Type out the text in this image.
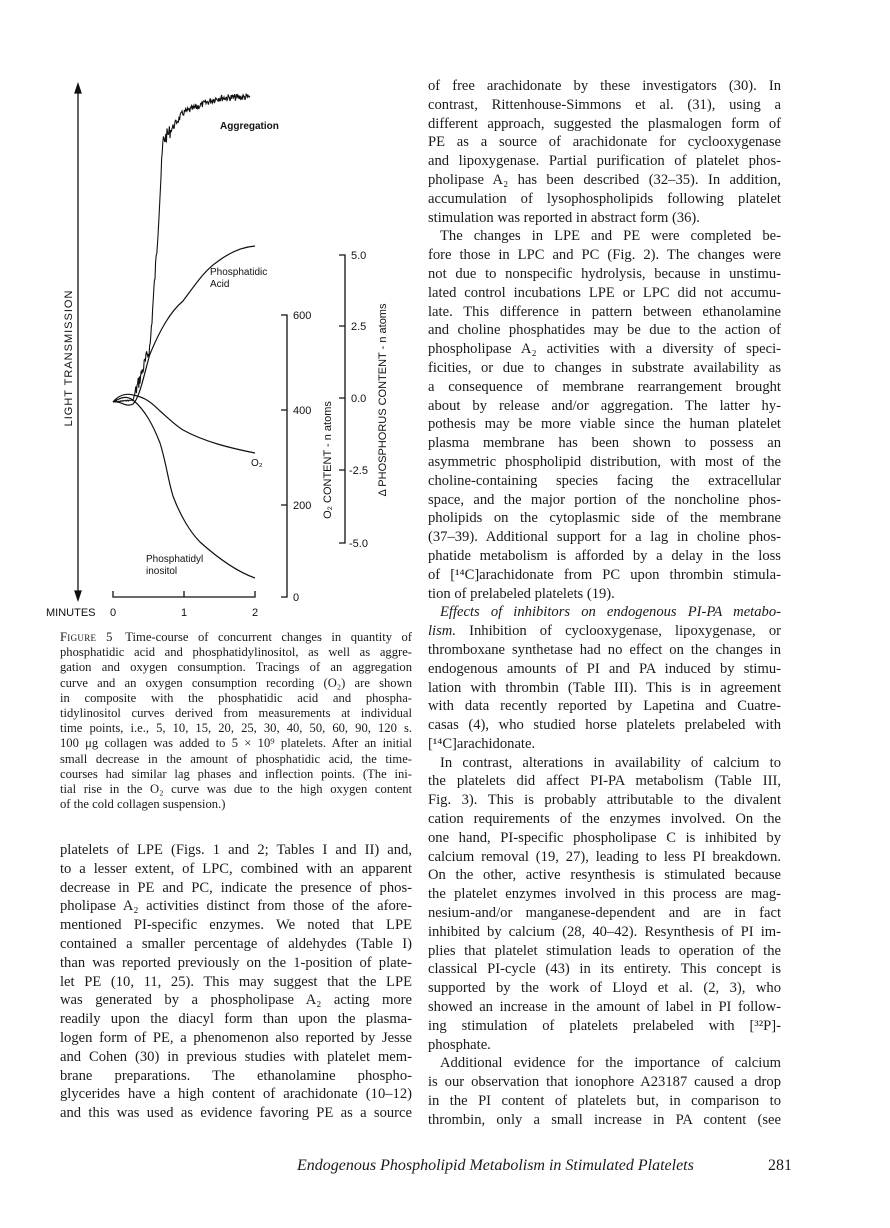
LIGHT TRANSMISSION
MINUTES 0	1	2
600
400
200
0
O₂ CONTENT - n atoms
5.0
2.5
0.0
-2.5
-5.0
Δ PHOSPHORUS CONTENT - n atoms
Aggregation
Phosphatidic
Acid
O₂
Phosphatidyl
inositol
Figure 5  Time-course of concurrent changes in quantity of
phosphatidic acid and phosphatidylinositol, as well as aggre-
gation and oxygen consumption. Tracings of an aggregation
curve and an oxygen consumption recording (O₂) are shown
in composite with the phosphatidic acid and phospha-
tidylinositol curves derived from measurements at individual
time points, i.e., 5, 10, 15, 20, 25, 30, 40, 50, 60, 90, 120 s.
100 μg collagen was added to 5 × 10⁹ platelets. After an initial
small decrease in the amount of phosphatidic acid, the time-
courses had similar lag phases and inflection points. (The ini-
tial rise in the O₂ curve was due to the high oxygen content
of the cold collagen suspension.)
platelets of LPE (Figs. 1 and 2; Tables I and II) and,
to a lesser extent, of LPC, combined with an apparent
decrease in PE and PC, indicate the presence of phos-
pholipase A₂ activities distinct from those of the afore-
mentioned PI-specific enzymes. We noted that LPE
contained a smaller percentage of aldehydes (Table I)
than was reported previously on the 1-position of plate-
let PE (10, 11, 25). This may suggest that the LPE
was generated by a phospholipase A₂ acting more
readily upon the diacyl form than upon the plasma-
logen form of PE, a phenomenon also reported by Jesse
and Cohen (30) in previous studies with platelet mem-
brane preparations. The ethanolamine phospho-
glycerides have a high content of arachidonate (10–12)
and this was used as evidence favoring PE as a source
of free arachidonate by these investigators (30). In
contrast, Rittenhouse-Simmons et al. (31), using a
different approach, suggested the plasmalogen form of
PE as a source of arachidonate for cyclooxygenase
and lipoxygenase. Partial purification of platelet phos-
pholipase A₂ has been described (32–35). In addition,
accumulation of lysophospholipids following platelet
stimulation was reported in abstract form (36).
The changes in LPE and PE were completed be-
fore those in LPC and PC (Fig. 2). The changes were
not due to nonspecific hydrolysis, because in unstimu-
lated control incubations LPE or LPC did not accumu-
late. This difference in pattern between ethanolamine
and choline phosphatides may be due to the action of
phospholipase A₂ activities with a diversity of speci-
ficities, or due to changes in substrate availability as
a consequence of membrane rearrangement brought
about by release and/or aggregation. The latter hy-
pothesis may be more viable since the human platelet
plasma membrane has been shown to possess an
asymmetric phospholipid distribution, with most of the
choline-containing species facing the extracellular
space, and the major portion of the noncholine phos-
pholipids on the cytoplasmic side of the membrane
(37–39). Additional support for a lag in choline phos-
phatide metabolism is afforded by a delay in the loss
of [¹⁴C]arachidonate from PC upon thrombin stimula-
tion of prelabeled platelets (19).
Effects of inhibitors on endogenous PI-PA metabo-
lism. Inhibition of cyclooxygenase, lipoxygenase, or
thromboxane synthetase had no effect on the changes in
endogenous amounts of PI and PA induced by stimu-
lation with thrombin (Table III). This is in agreement
with data recently reported by Lapetina and Cuatre-
casas (4), who studied horse platelets prelabeled with
[¹⁴C]arachidonate.
In contrast, alterations in availability of calcium to
the platelets did affect PI-PA metabolism (Table III,
Fig. 3). This is probably attributable to the divalent
cation requirements of the enzymes involved. On the
one hand, PI-specific phospholipase C is inhibited by
calcium removal (19, 27), leading to less PI breakdown.
On the other, active resynthesis is stimulated because
the platelet enzymes involved in this process are mag-
nesium-and/or manganese-dependent and are in fact
inhibited by calcium (28, 40–42). Resynthesis of PI im-
plies that platelet stimulation leads to operation of the
classical PI-cycle (43) in its entirety. This concept is
supported by the work of Lloyd et al. (2, 3), who
showed an increase in the amount of label in PI follow-
ing stimulation of platelets prelabeled with [³²P]-
phosphate.
Additional evidence for the importance of calcium
is our observation that ionophore A23187 caused a drop
in the PI content of platelets but, in comparison to
thrombin, only a small increase in PA content (see
Endogenous Phospholipid Metabolism in Stimulated Platelets	281
